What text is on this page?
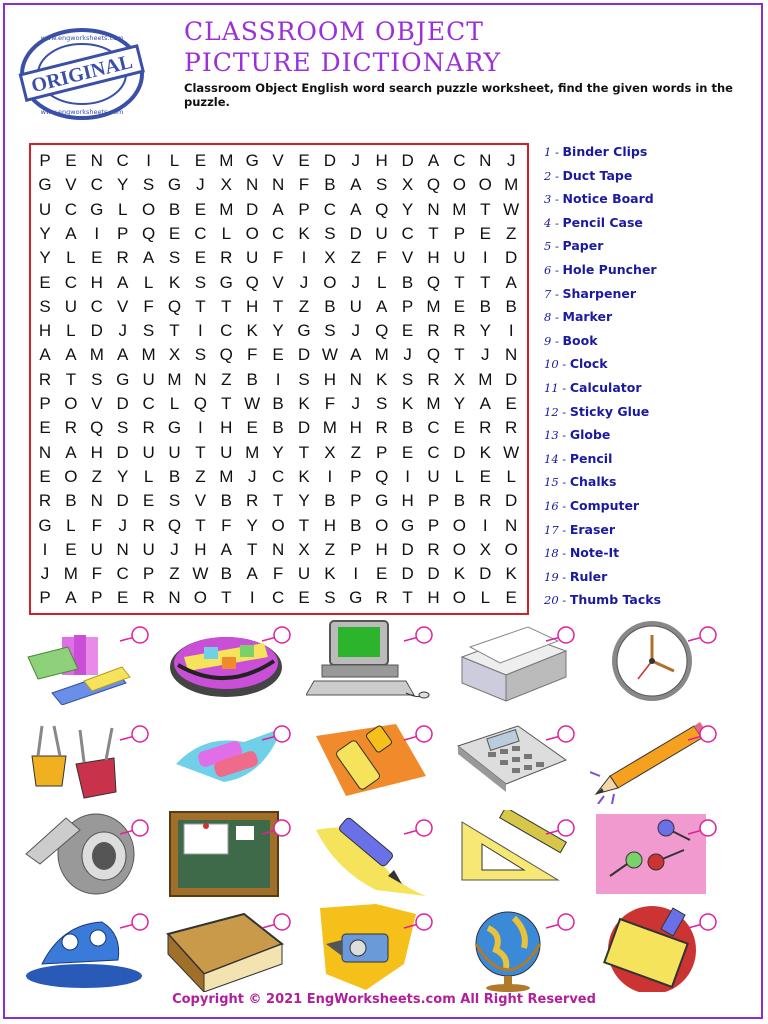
ORIGINAL
www.engworksheets.com
www.engworksheets.com
CLASSROOM OBJECT
PICTURE DICTIONARY
Classroom Object English word search puzzle worksheet, find the given words in the puzzle.
P E N C	I	L E M G V E D J H D A C N J
G V C Y S G J X N N F B A S X Q O O M
U C G L O B E M D A P C A Q Y N M T W
Y A	I	P Q E C L O C K S D U C T P E Z
Y L E R A S E R U F	I	X Z F V H U	I	D
E C H A L K S G Q V J O J L B Q T T A
S U C V F Q T T H T Z B U A P M E B B
H L D J S T	I	C K Y G S J Q E R R Y	I
A A M A M X S Q F E D W A M J Q T J N
R T S G U M N Z B	I	S H N K S R X M D
P O V D C L Q T W B K F J S K M Y A E
E R Q S R G I	H E B D M H R B C E R R
N A H D U U T U M Y T X Z P E C D K W
E O Z Y L B Z M J C K	I	P Q I	U L E L
R B N D E S V B R T Y B P G H P B R D
G L F J R Q T F Y O T H B O G P O I	N
I	E U N U J H A T N X Z P H D R O X O
J M F C P Z W B A F U K	I	E D D K D K
P A P E R N O T	I	C E S G R T H O L E
1 - Binder Clips
2 - Duct Tape
3 - Notice Board
4 - Pencil Case
5 - Paper
6 - Hole Puncher
7 - Sharpener
8 - Marker
9 - Book
10 - Clock
11 - Calculator
12 - Sticky Glue
13 - Globe
14 - Pencil
15 - Chalks
16 - Computer
17 - Eraser
18 - Note-It
19 - Ruler
20 - Thumb Tacks
Copyright © 2021 EngWorksheets.com All Right Reserved
